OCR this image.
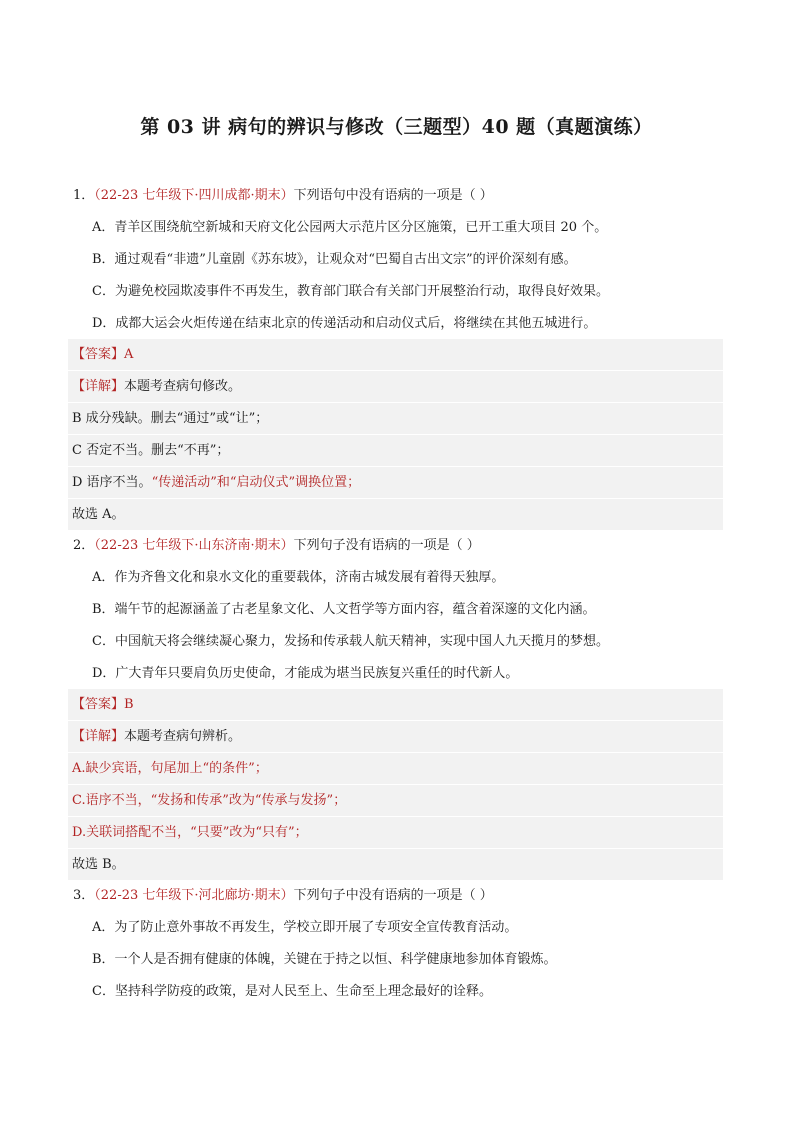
第 03 讲 病句的辨识与修改（三题型）40 题（真题演练）
1．（22-23 七年级下·四川成都·期末）下列语句中没有语病的一项是（ ）
A．青羊区围绕航空新城和天府文化公园两大示范片区分区施策，已开工重大项目 20 个。
B．通过观看“非遗”儿童剧《苏东坡》，让观众对“巴蜀自古出文宗”的评价深刻有感。
C．为避免校园欺凌事件不再发生，教育部门联合有关部门开展整治行动，取得良好效果。
D．成都大运会火炬传递在结束北京的传递活动和启动仪式后，将继续在其他五城进行。
【答案】A
【详解】本题考查病句修改。
B 成分残缺。删去“通过”或“让”；
C 否定不当。删去“不再”；
D 语序不当。“传递活动”和“启动仪式”调换位置；
故选 A。
2．（22-23 七年级下·山东济南·期末）下列句子没有语病的一项是（ ）
A．作为齐鲁文化和泉水文化的重要载体，济南古城发展有着得天独厚。
B．端午节的起源涵盖了古老星象文化、人文哲学等方面内容，蕴含着深邃的文化内涵。
C．中国航天将会继续凝心聚力，发扬和传承载人航天精神，实现中国人九天揽月的梦想。
D．广大青年只要肩负历史使命，才能成为堪当民族复兴重任的时代新人。
【答案】B
【详解】本题考查病句辨析。
A.缺少宾语，句尾加上“的条件”；
C.语序不当，“发扬和传承”改为“传承与发扬”；
D.关联词搭配不当，“只要”改为“只有”；
故选 B。
3．（22-23 七年级下·河北廊坊·期末）下列句子中没有语病的一项是（ ）
A．为了防止意外事故不再发生，学校立即开展了专项安全宣传教育活动。
B．一个人是否拥有健康的体魄，关键在于持之以恒、科学健康地参加体育锻炼。
C．坚持科学防疫的政策，是对人民至上、生命至上理念最好的诠释。
